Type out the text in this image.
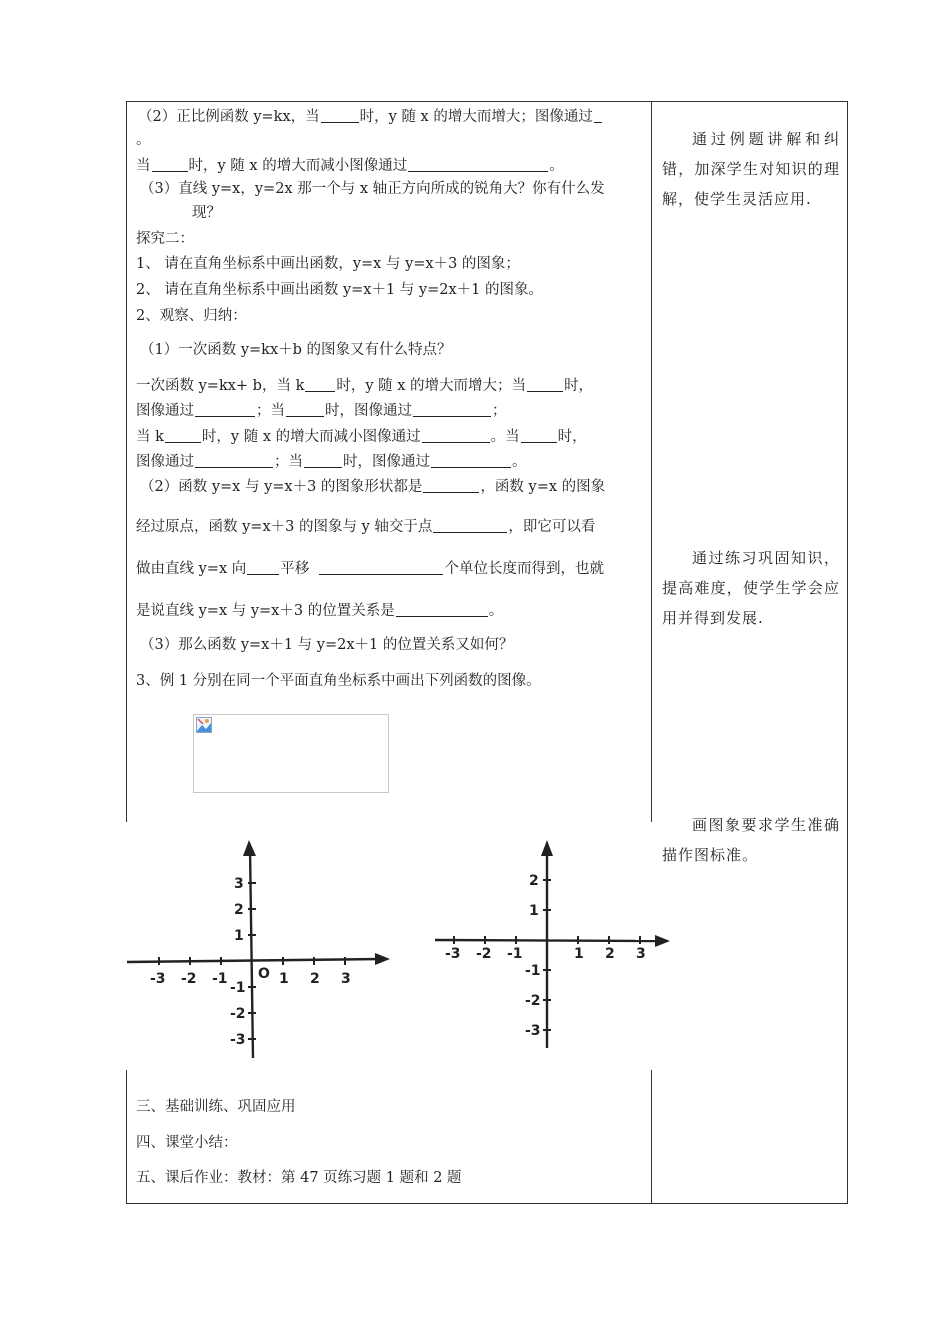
（2）正比例函数 y=kx，当	时，y 随 x 的增大而增大；图像通过
。
当	时，y 随 x 的增大而减小图像通过	。
（3）直线 y=x，y=2x 那一个与 x 轴正方向所成的锐角大？你有什么发
现？
探究二：
1、 请在直角坐标系中画出函数，y=x 与 y=x＋3 的图象；
2、 请在直角坐标系中画出函数 y=x＋1 与 y=2x＋1 的图象。
2、观察、归纳：
（1）一次函数 y=kx＋b 的图象又有什么特点？
一次函数 y=kx+ b，当 k 时，y 随 x 的增大而增大；当	时，
图像通过	；当	时，图像通过	；
当 k	时，y 随 x 的增大而减小图像通过	。当	时，
图像通过	；当	时，图像通过	。
（2）函数 y=x 与 y=x＋3 的图象形状都是	，函数 y=x 的图象
经过原点，函数 y=x＋3 的图象与 y 轴交于点	，即它可以看
做由直线 y=x 向 平移	个单位长度而得到，也就
是说直线 y=x 与 y=x＋3 的位置关系是	。
（3）那么函数 y=x＋1 与 y=2x＋1 的位置关系又如何？
3、例 1 分别在同一个平面直角坐标系中画出下列函数的图像。
-3 -2 -1 O 1 2 3
3
2
1
-1
-2
-3
-3 -2 -1	1 2 3
2
1
-1
-2
-3
三、基础训练、巩固应用
四、课堂小结：
五、课后作业：教材：第 47 页练习题 1 题和 2 题

通过例题讲解和纠错，加深学生对知识的理解，使学生灵活应用.

通过练习巩固知识，提高难度，使学生学会应用并得到发展.

画图象要求学生准确描作图标准。
